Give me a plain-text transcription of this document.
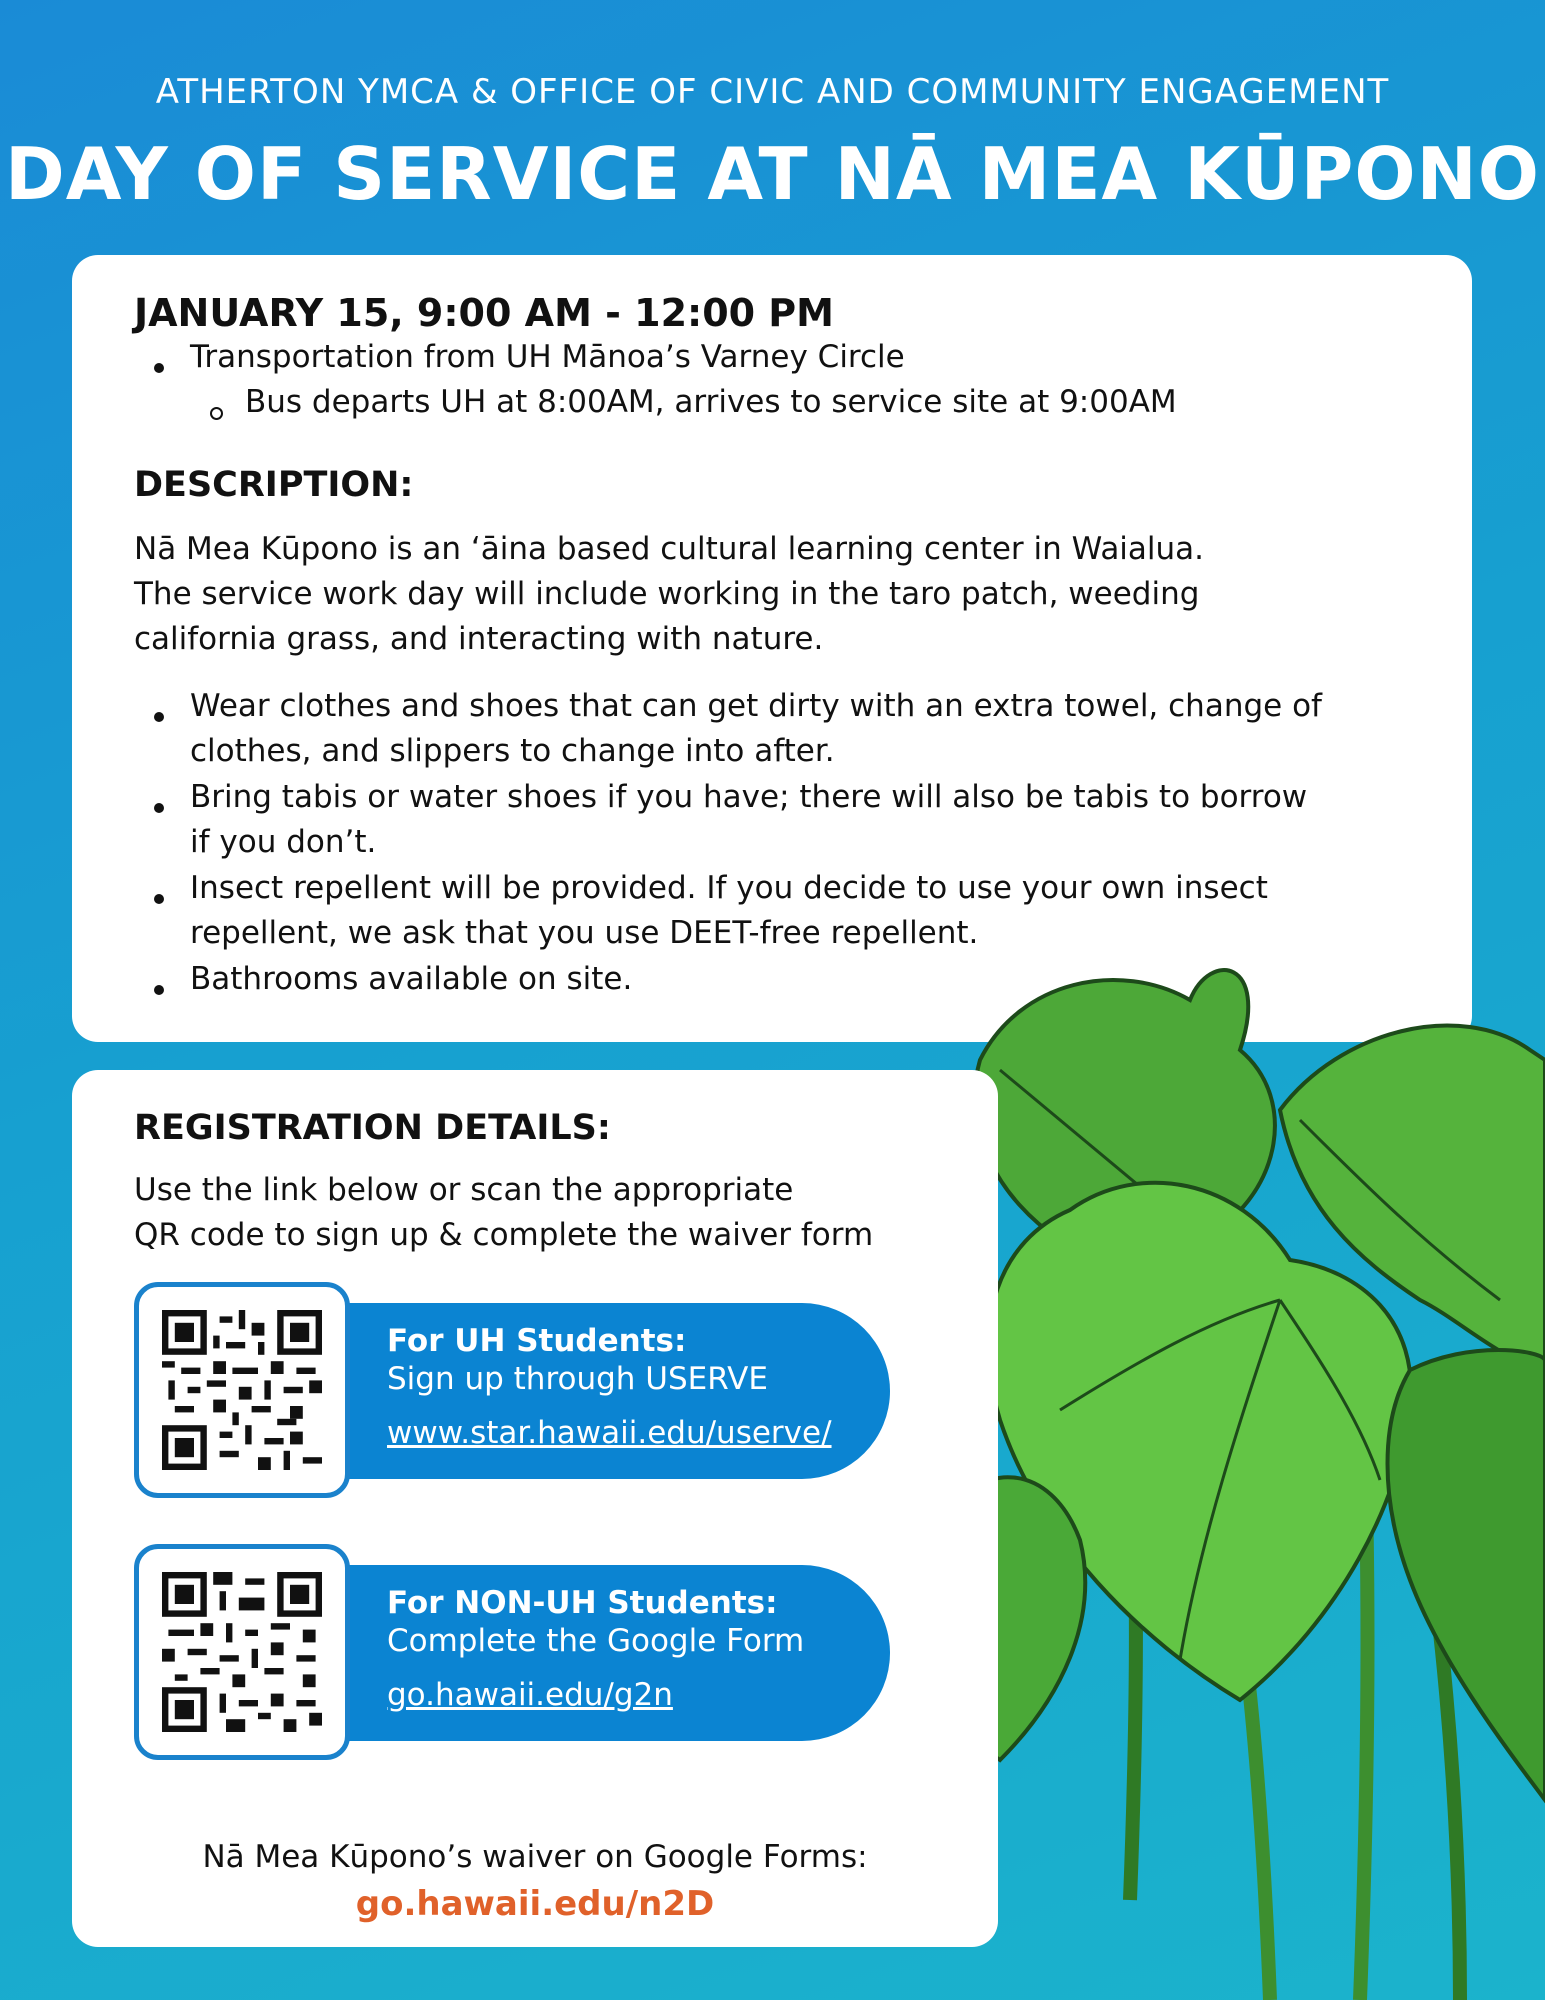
ATHERTON YMCA & OFFICE OF CIVIC AND COMMUNITY ENGAGEMENT
DAY OF SERVICE AT NĀ MEA KŪPONO
JANUARY 15, 9:00 AM - 12:00 PM
Transportation from UH Mānoa’s Varney Circle
Bus departs UH at 8:00AM, arrives to service site at 9:00AM
DESCRIPTION:
Nā Mea Kūpono is an ʻāina based cultural learning center in Waialua.
The service work day will include working in the taro patch, weeding
california grass, and interacting with nature.
Wear clothes and shoes that can get dirty with an extra towel, change of
clothes, and slippers to change into after.
Bring tabis or water shoes if you have; there will also be tabis to borrow
if you don’t.
Insect repellent will be provided. If you decide to use your own insect
repellent, we ask that you use DEET-free repellent.
Bathrooms available on site.
REGISTRATION DETAILS:
Use the link below or scan the appropriate
QR code to sign up & complete the waiver form
For UH Students:
Sign up through USERVE
www.star.hawaii.edu/userve/
For NON-UH Students:
Complete the Google Form
go.hawaii.edu/g2n
Nā Mea Kūpono’s waiver on Google Forms:
go.hawaii.edu/n2D
